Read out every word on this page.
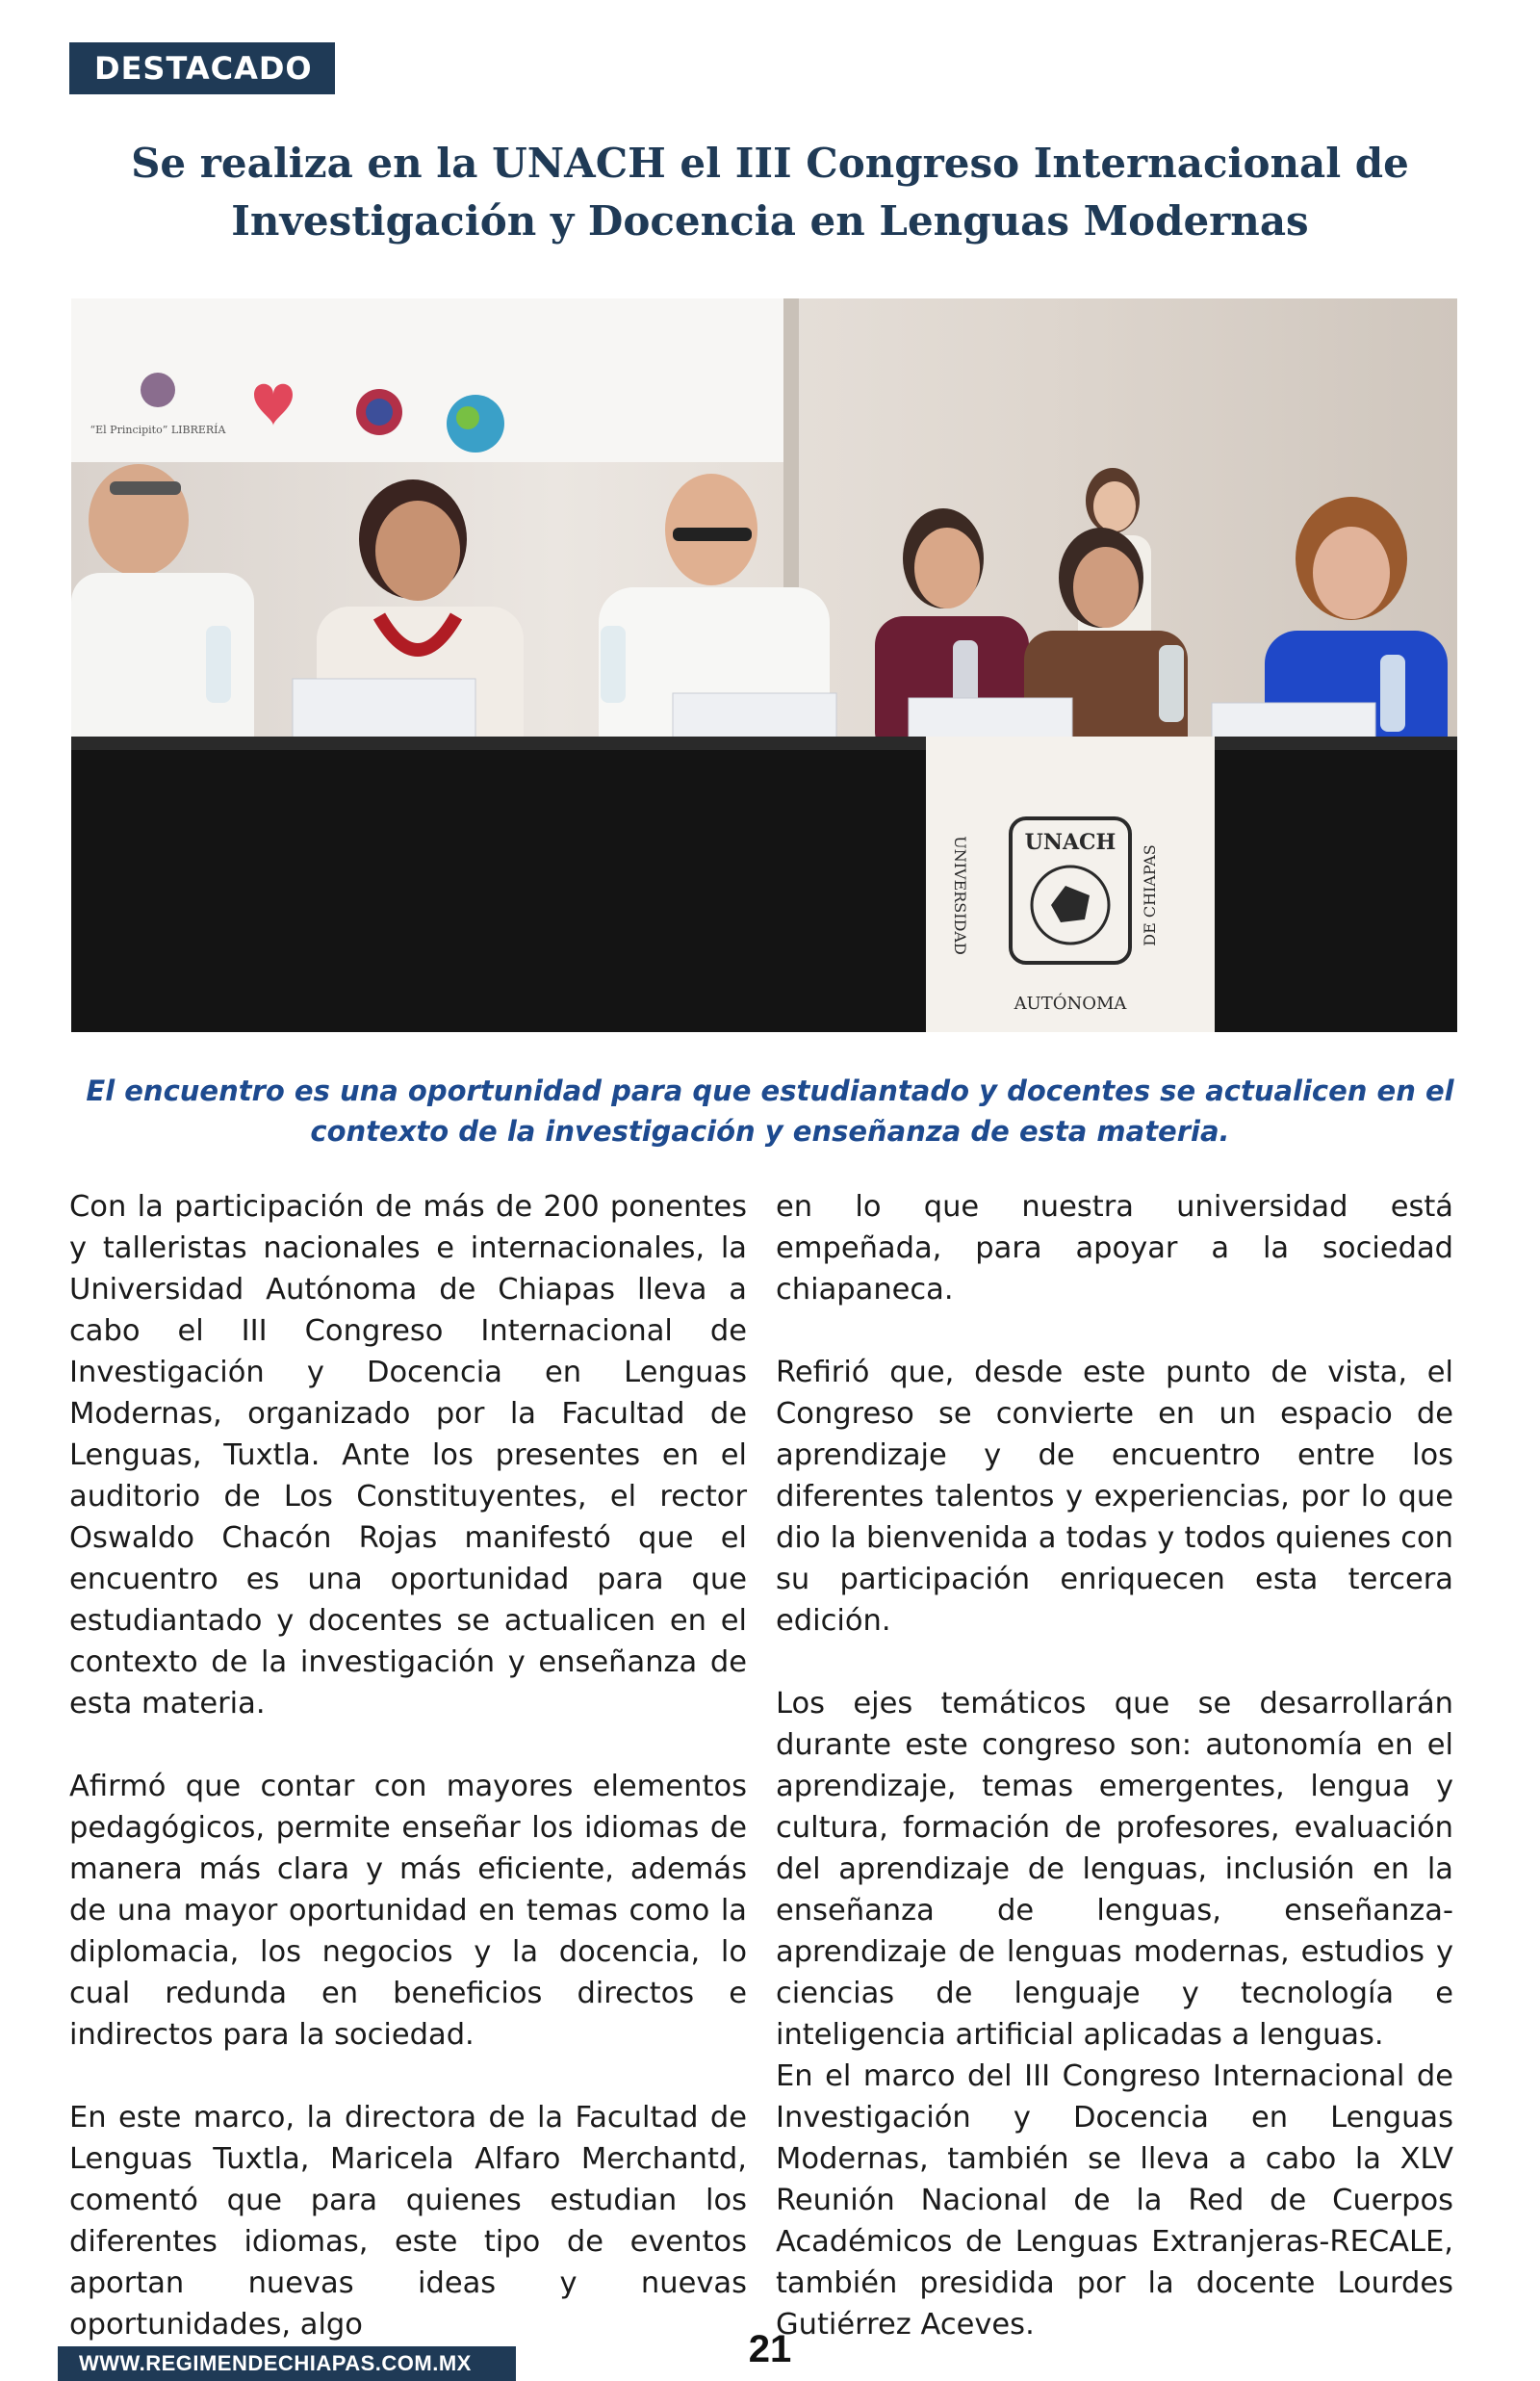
DESTACADO
Se realiza en la UNACH el III Congreso Internacional de Investigación y Docencia en Lenguas Modernas
“El Principito” LIBRERÍA
UNIVERSIDAD	UNACH
DE CHIAPAS
AUTÓNOMA
El encuentro es una oportunidad para que estudiantado y docentes se actualicen en el contexto de la investigación y enseñanza de esta materia.

Con la participación de más de 200 ponentes y talleristas nacionales e internacionales, la Universidad Autónoma de Chiapas lleva a cabo el III Congreso Internacional de Investigación y Docencia en Lenguas Modernas, organizado por la Facultad de Lenguas, Tuxtla. Ante los presentes en el auditorio de Los Constituyentes, el rector Oswaldo Chacón Rojas manifestó que el encuentro es una oportunidad para que estudiantado y docentes se actualicen en el contexto de la investigación y enseñanza de esta materia.

Afirmó que contar con mayores elementos pedagógicos, permite enseñar los idiomas de manera más clara y más eficiente, además de una mayor oportunidad en temas como la diplomacia, los negocios y la docencia, lo cual redunda en beneficios directos e indirectos para la sociedad.

En este marco, la directora de la Facultad de Lenguas Tuxtla, Maricela Alfaro Merchantd, comentó que para quienes estudian los diferentes idiomas, este tipo de eventos aportan nuevas ideas y nuevas oportunidades, algo

en lo que nuestra universidad está empeñada, para apoyar a la sociedad chiapaneca.

Refirió que, desde este punto de vista, el Congreso se convierte en un espacio de aprendizaje y de encuentro entre los diferentes talentos y experiencias, por lo que dio la bienvenida a todas y todos quienes con su participación enriquecen esta tercera edición.

Los ejes temáticos que se desarrollarán durante este congreso son: autonomía en el aprendizaje, temas emergentes, lengua y cultura, formación de profesores, evaluación del aprendizaje de lenguas, inclusión en la enseñanza de lenguas, enseñanza-aprendizaje de lenguas modernas, estudios y ciencias de lenguaje y tecnología e inteligencia artificial aplicadas a lenguas.

En el marco del III Congreso Internacional de Investigación y Docencia en Lenguas Modernas, también se lleva a cabo la XLV Reunión Nacional de la Red de Cuerpos Académicos de Lenguas Extranjeras-RECALE, también presidida por la docente Lourdes Gutiérrez Aceves.

21
WWW.REGIMENDECHIAPAS.COM.MX
